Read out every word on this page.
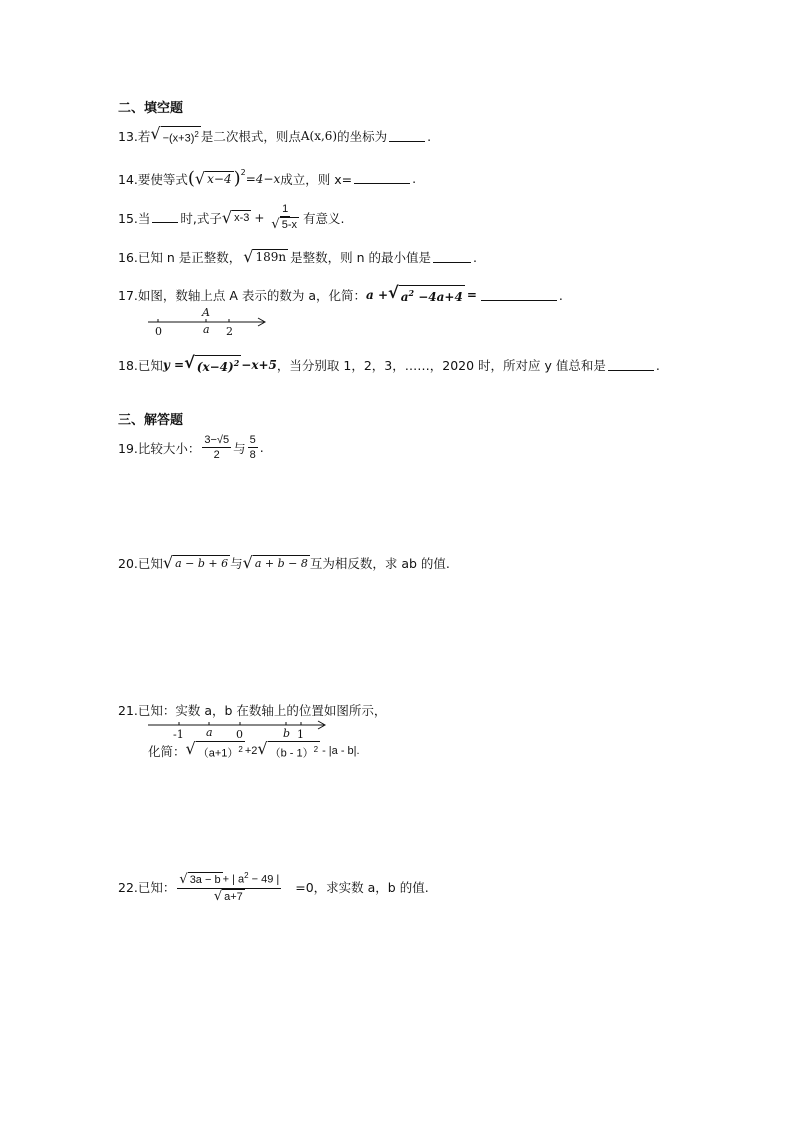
二、填空题
13.若 √ $-(x+3)^2$ 是二次根式，则点 A(x,6) 的坐标为	.
14.要使等式 ( √ x−4 )$^2$ =4−x 成立，则 x=	.
15.当 时,式子 √ $x-3 + \frac{1}{√ 5-x}$ 有意义.
16.已知 n 是正整数， √ 189n 是整数，则 n 的最小值是	.
17.如图，数轴上点 A 表示的数为 a，化简： a + √ $a^2 -4a+4$ =	.
A
0	a 2
18.已知 y = √ $(x-4)^2 -x+5$ ，当分别取 1，2，3，……，2020 时，所对应 y 值总和是	.
三、解答题
19.比较大小： $\frac{3-√5}{2}$ 与 $\frac{5}{8}$ .
20.已知 √ a − b + 6 与 √ a + b − 8 互为相反数，求 ab 的值.
21.已知：实数 a，b 在数轴上的位置如图所示，
-1 a 0	b 1
化简： √ $(a+1)^2 +2$ √ （b - 1）$^2$ - |a - b|.
22.已知： $\frac{√ 3a - b + | a^2 - 49 |}{√ a+7} =0$，求实数 a，b 的值.
